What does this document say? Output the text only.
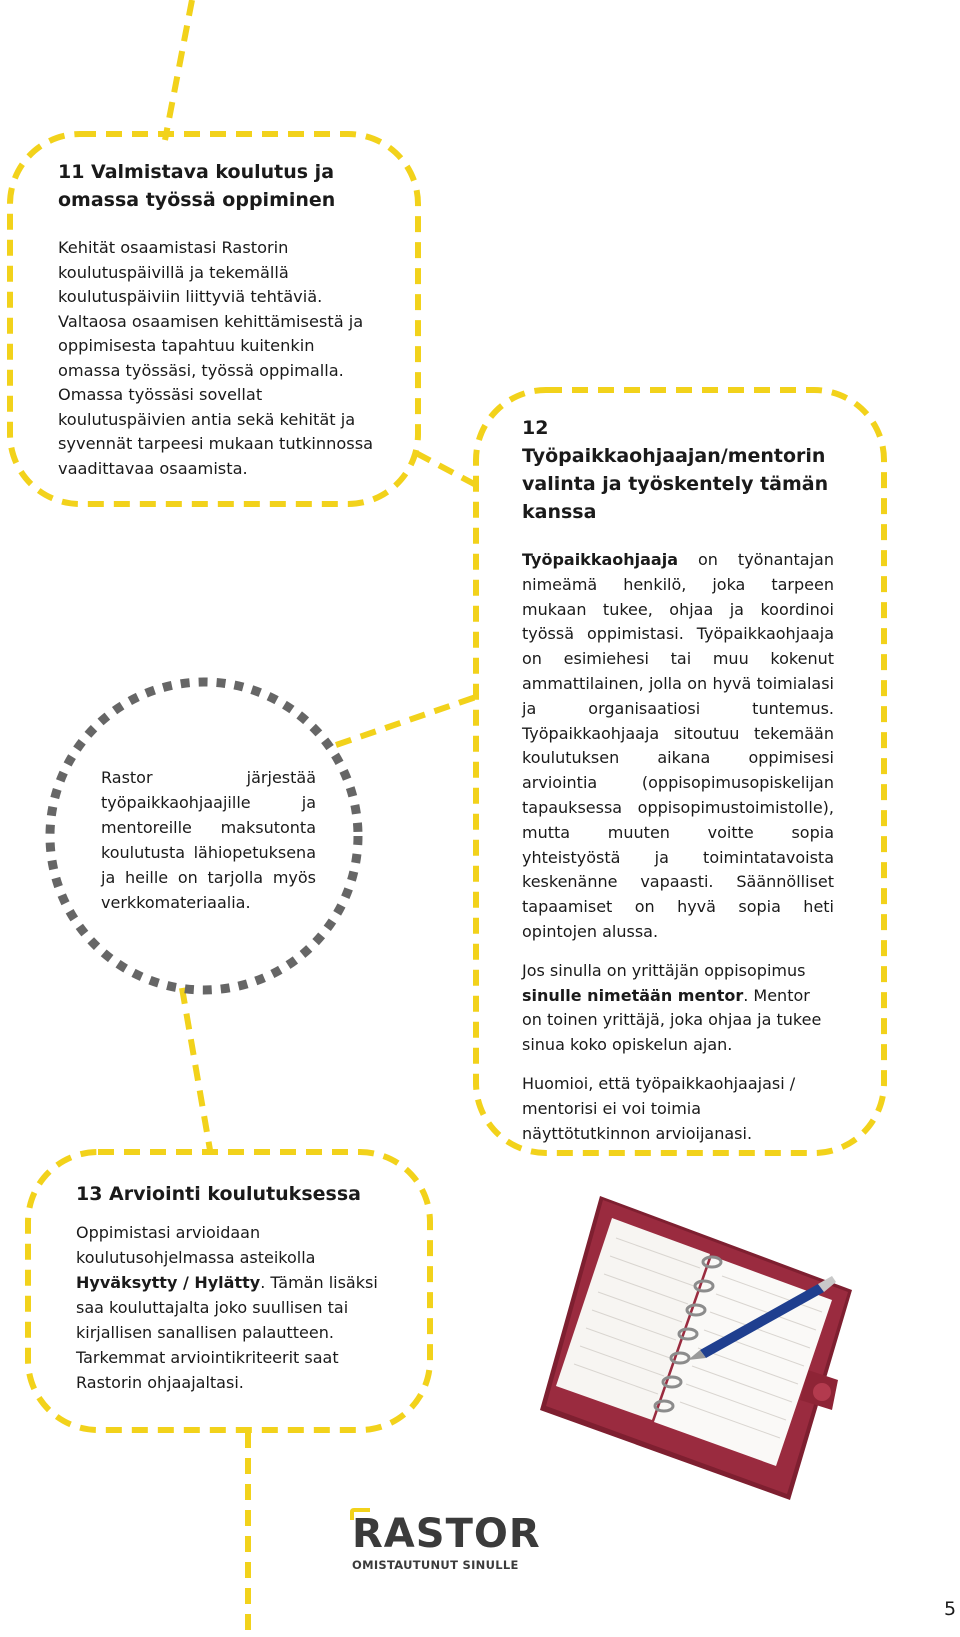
11 Valmistava koulutus ja omassa työssä oppiminen

Kehität osaamistasi Rastorin koulutuspäivillä ja tekemällä koulutuspäiviin liittyviä tehtäviä. Valtaosa osaamisen kehittämisestä ja oppimisesta tapahtuu kuitenkin omassa työssäsi, työssä oppimalla. Omassa työssäsi sovellat koulutuspäivien antia sekä kehität ja syvennät tarpeesi mukaan tutkinnossa vaadittavaa osaamista.

Rastor järjestää työpaikkaohjaajille ja mentoreille maksutonta koulutusta lähiopetuksena ja heille on tarjolla myös verkkomateriaalia.
12 Työpaikkaohjaajan/mentorin valinta ja työskentely tämän kanssa

Työpaikkaohjaaja on työnantajan nimeämä henkilö, joka tarpeen mukaan tukee, ohjaa ja koordinoi työssä oppimistasi. Työpaikkaohjaaja on esimiehesi tai muu kokenut ammattilainen, jolla on hyvä toimialasi ja organisaatiosi tuntemus. Työpaikkaohjaaja sitoutuu tekemään koulutuksen aikana oppimisesi arviointia (oppisopimusopiskelijan tapauksessa oppisopimustoimistolle), mutta muuten voitte sopia yhteistyöstä ja toimintatavoista keskenänne vapaasti. Säännölliset tapaamiset on hyvä sopia heti opintojen alussa.

Jos sinulla on yrittäjän oppisopimus sinulle nimetään mentor. Mentor on toinen yrittäjä, joka ohjaa ja tukee sinua koko opiskelun ajan.

Huomioi, että työpaikkaohjaajasi / mentorisi ei voi toimia näyttötutkinnon arvioijanasi.

13 Arviointi koulutuksessa

Oppimistasi arvioidaan koulutusohjelmassa asteikolla Hyväksytty / Hylätty. Tämän lisäksi saa kouluttajalta joko suullisen tai kirjallisen sanallisen palautteen. Tarkemmat arviointikriteerit saat Rastorin ohjaajaltasi.

RASTOR
OMISTAUTUNUT SINULLE
5
